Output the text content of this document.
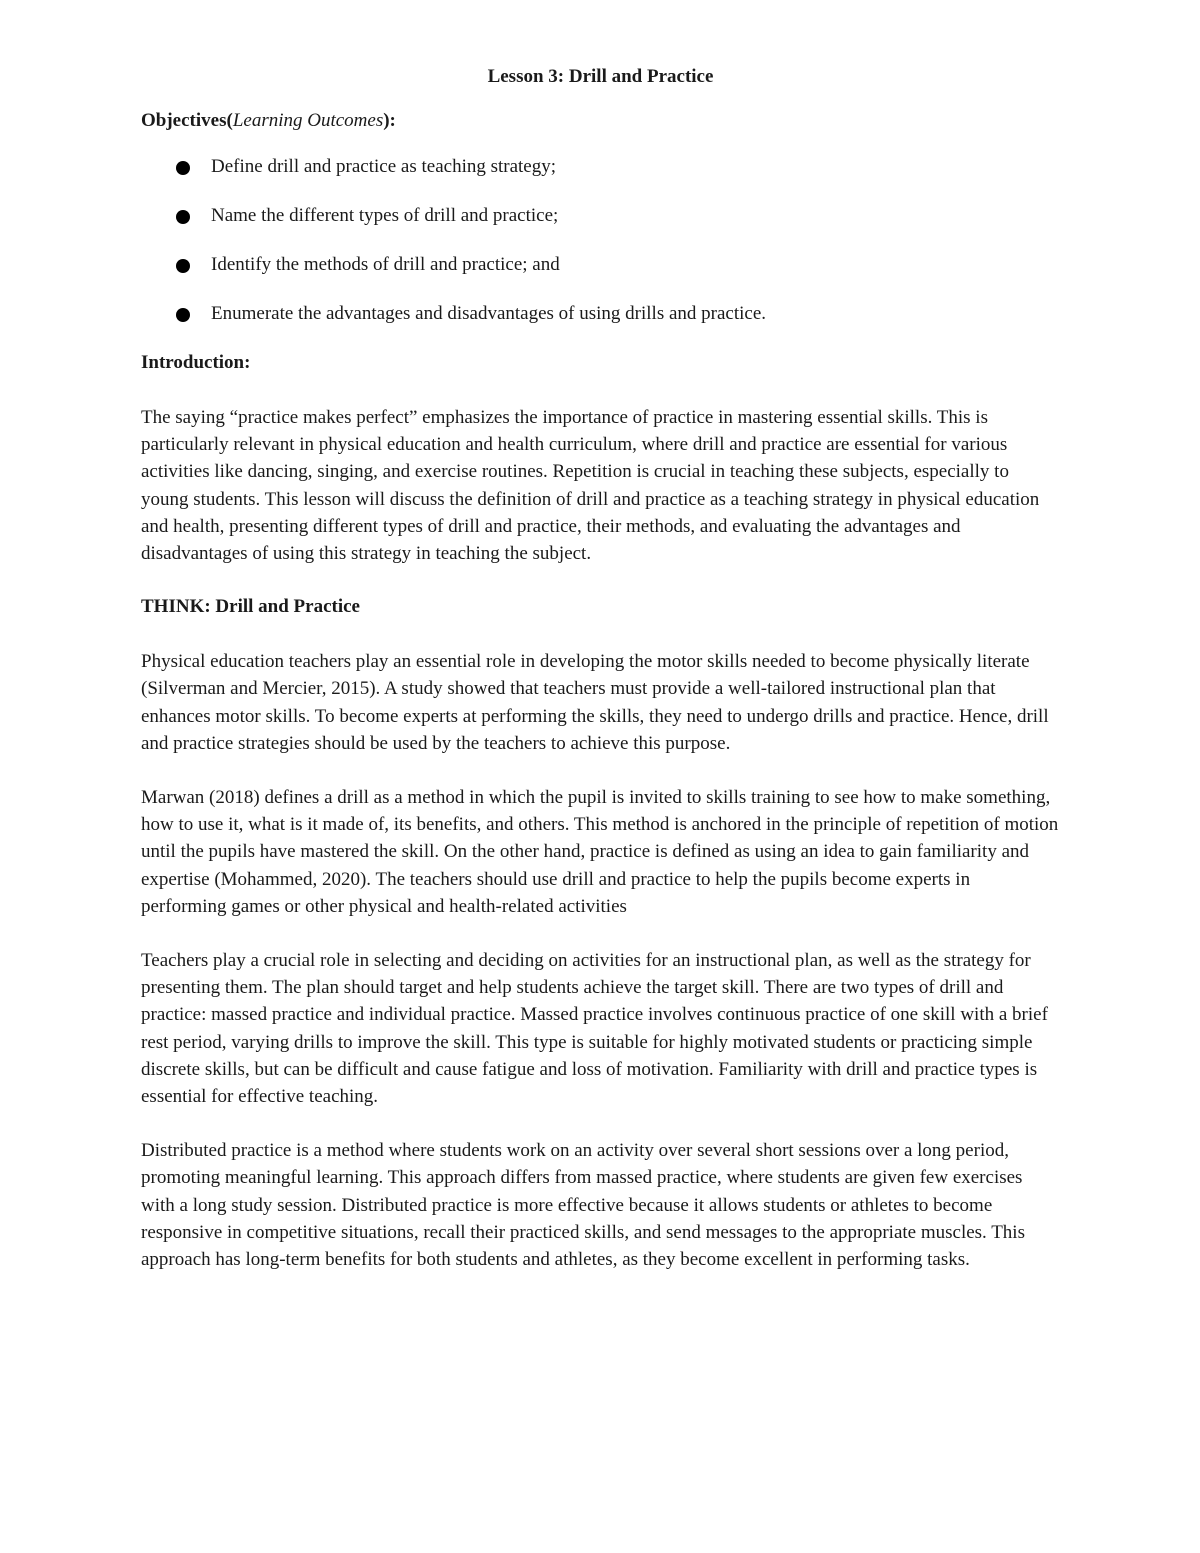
Lesson 3: Drill and Practice
Objectives(Learning Outcomes):
Define drill and practice as teaching strategy;
Name the different types of drill and practice;
Identify the methods of drill and practice; and
Enumerate the advantages and disadvantages of using drills and practice.
Introduction:

The saying “practice makes perfect” emphasizes the importance of practice in mastering essential skills. This is particularly relevant in physical education and health curriculum, where drill and practice are essential for various activities like dancing, singing, and exercise routines. Repetition is crucial in teaching these subjects, especially to young students. This lesson will discuss the definition of drill and practice as a teaching strategy in physical education and health, presenting different types of drill and practice, their methods, and evaluating the advantages and disadvantages of using this strategy in teaching the subject.

THINK: Drill and Practice

Physical education teachers play an essential role in developing the motor skills needed to become physically literate (Silverman and Mercier, 2015). A study showed that teachers must provide a well-tailored instructional plan that enhances motor skills. To become experts at performing the skills, they need to undergo drills and practice. Hence, drill and practice strategies should be used by the teachers to achieve this purpose.

Marwan (2018) defines a drill as a method in which the pupil is invited to skills training to see how to make something, how to use it, what is it made of, its benefits, and others. This method is anchored in the principle of repetition of motion until the pupils have mastered the skill. On the other hand, practice is defined as using an idea to gain familiarity and expertise (Mohammed, 2020). The teachers should use drill and practice to help the pupils become experts in performing games or other physical and health-related activities

Teachers play a crucial role in selecting and deciding on activities for an instructional plan, as well as the strategy for presenting them. The plan should target and help students achieve the target skill. There are two types of drill and practice: massed practice and individual practice. Massed practice involves continuous practice of one skill with a brief rest period, varying drills to improve the skill. This type is suitable for highly motivated students or practicing simple discrete skills, but can be difficult and cause fatigue and loss of motivation. Familiarity with drill and practice types is essential for effective teaching.

Distributed practice is a method where students work on an activity over several short sessions over a long period, promoting meaningful learning. This approach differs from massed practice, where students are given few exercises with a long study session. Distributed practice is more effective because it allows students or athletes to become responsive in competitive situations, recall their practiced skills, and send messages to the appropriate muscles. This approach has long-term benefits for both students and athletes, as they become excellent in performing tasks.
